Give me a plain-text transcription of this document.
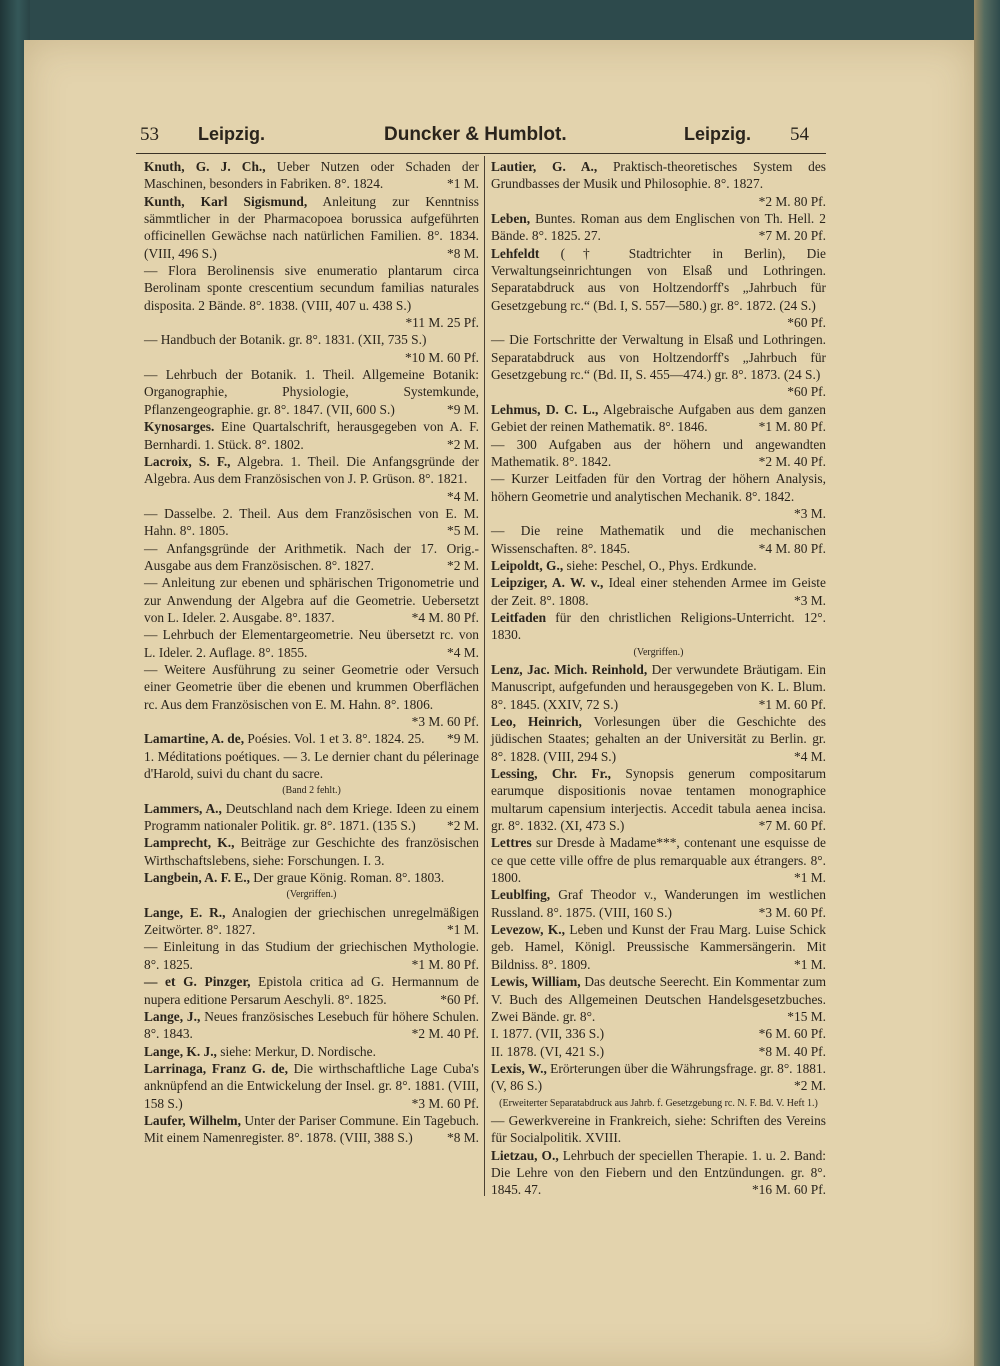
53 Leipzig.	Duncker & Humblot.	Leipzig. 54

Knuth, G. J. Ch., Ueber Nutzen oder Schaden der Maschinen, besonders in Fabriken. 8°. 1824.	*1 M.

Kunth, Karl Sigismund, Anleitung zur Kenntniss sämmtlicher in der Pharmacopoea borussica aufgeführten officinellen Gewächse nach natürlichen Familien. 8°. 1834. (VIII, 496 S.)	*8 M.

— Flora Berolinensis sive enumeratio plantarum circa Berolinam sponte crescentium secundum familias naturales disposita. 2 Bände. 8°. 1838. (VIII, 407 u. 438 S.)
*11 M. 25 Pf.

— Handbuch der Botanik. gr. 8°. 1831. (XII, 735 S.)
*10 M. 60 Pf.

— Lehrbuch der Botanik. 1. Theil. Allgemeine Botanik: Organographie, Physiologie, Systemkunde, Pflanzengeographie. gr. 8°. 1847. (VII, 600 S.)	*9 M.

Kynosarges. Eine Quartalschrift, herausgegeben von A. F. Bernhardi. 1. Stück. 8°. 1802.	*2 M.

Lacroix, S. F., Algebra. 1. Theil. Die Anfangsgründe der Algebra. Aus dem Französischen von J. P. Grüson. 8°. 1821.
*4 M.

— Dasselbe. 2. Theil. Aus dem Französischen von E. M. Hahn. 8°. 1805.	*5 M.

— Anfangsgründe der Arithmetik. Nach der 17. Orig.-Ausgabe aus dem Französischen. 8°. 1827.	*2 M.

— Anleitung zur ebenen und sphärischen Trigonometrie und zur Anwendung der Algebra auf die Geometrie. Uebersetzt von L. Ideler. 2. Ausgabe. 8°. 1837.	*4 M. 80 Pf.

— Lehrbuch der Elementargeometrie. Neu übersetzt rc. von L. Ideler. 2. Auflage. 8°. 1855.	*4 M.

— Weitere Ausführung zu seiner Geometrie oder Versuch einer Geometrie über die ebenen und krummen Oberflächen rc. Aus dem Französischen von E. M. Hahn. 8°. 1806.
*3 M. 60 Pf.

Lamartine, A. de, Poésies. Vol. 1 et 3. 8°. 1824. 25. *9 M.

1. Méditations poétiques. — 3. Le dernier chant du pélerinage d'Harold, suivi du chant du sacre.
(Band 2 fehlt.)

Lammers, A., Deutschland nach dem Kriege. Ideen zu einem Programm nationaler Politik. gr. 8°. 1871. (135 S.) *2 M.

Lamprecht, K., Beiträge zur Geschichte des französischen Wirthschaftslebens, siehe: Forschungen. I. 3.

Langbein, A. F. E., Der graue König. Roman. 8°. 1803.
(Vergriffen.)

Lange, E. R., Analogien der griechischen unregelmäßigen Zeitwörter. 8°. 1827.	*1 M.

— Einleitung in das Studium der griechischen Mythologie. 8°. 1825.	*1 M. 80 Pf.

— et G. Pinzger, Epistola critica ad G. Hermannum de nupera editione Persarum Aeschyli. 8°. 1825.	*60 Pf.

Lange, J., Neues französisches Lesebuch für höhere Schulen. 8°. 1843.	*2 M. 40 Pf.

Lange, K. J., siehe: Merkur, D. Nordische.

Larrinaga, Franz G. de, Die wirthschaftliche Lage Cuba's anknüpfend an die Entwickelung der Insel. gr. 8°. 1881. (VIII, 158 S.)	*3 M. 60 Pf.

Laufer, Wilhelm, Unter der Pariser Commune. Ein Tagebuch. Mit einem Namenregister. 8°. 1878. (VIII, 388 S.)	*8 M.

Lautier, G. A., Praktisch-theoretisches System des Grundbasses der Musik und Philosophie. 8°. 1827.
*2 M. 80 Pf.

Leben, Buntes. Roman aus dem Englischen von Th. Hell. 2 Bände. 8°. 1825. 27.	*7 M. 20 Pf.

Lehfeldt († Stadtrichter in Berlin), Die Verwaltungseinrichtungen von Elsaß und Lothringen. Separatabdruck aus von Holtzendorff's „Jahrbuch für Gesetzgebung rc.“ (Bd. I, S. 557—580.) gr. 8°. 1872. (24 S.)
*60 Pf.

— Die Fortschritte der Verwaltung in Elsaß und Lothringen. Separatabdruck aus von Holtzendorff's „Jahrbuch für Gesetzgebung rc.“ (Bd. II, S. 455—474.) gr. 8°. 1873. (24 S.)
*60 Pf.

Lehmus, D. C. L., Algebraische Aufgaben aus dem ganzen Gebiet der reinen Mathematik. 8°. 1846.	*1 M. 80 Pf.

— 300 Aufgaben aus der höhern und angewandten Mathematik. 8°. 1842.	*2 M. 40 Pf.

— Kurzer Leitfaden für den Vortrag der höhern Analysis, höhern Geometrie und analytischen Mechanik. 8°. 1842.
*3 M.

— Die reine Mathematik und die mechanischen Wissenschaften. 8°. 1845.	*4 M. 80 Pf.

Leipoldt, G., siehe: Peschel, O., Phys. Erdkunde.

Leipziger, A. W. v., Ideal einer stehenden Armee im Geiste der Zeit. 8°. 1808.	*3 M.

Leitfaden für den christlichen Religions-Unterricht. 12°. 1830.
(Vergriffen.)

Lenz, Jac. Mich. Reinhold, Der verwundete Bräutigam. Ein Manuscript, aufgefunden und herausgegeben von K. L. Blum. 8°. 1845. (XXIV, 72 S.)	*1 M. 60 Pf.

Leo, Heinrich, Vorlesungen über die Geschichte des jüdischen Staates; gehalten an der Universität zu Berlin. gr. 8°. 1828. (VIII, 294 S.)	*4 M.

Lessing, Chr. Fr., Synopsis generum compositarum earumque dispositionis novae tentamen monographice multarum capensium interjectis. Accedit tabula aenea incisa. gr. 8°. 1832. (XI, 473 S.)	*7 M. 60 Pf.

Lettres sur Dresde à Madame***, contenant une esquisse de ce que cette ville offre de plus remarquable aux étrangers. 8°. 1800.	*1 M.

Leublfing, Graf Theodor v., Wanderungen im westlichen Russland. 8°. 1875. (VIII, 160 S.)	*3 M. 60 Pf.

Levezow, K., Leben und Kunst der Frau Marg. Luise Schick geb. Hamel, Königl. Preussische Kammersängerin. Mit Bildniss. 8°. 1809.	*1 M.

Lewis, William, Das deutsche Seerecht. Ein Kommentar zum V. Buch des Allgemeinen Deutschen Handelsgesetzbuches. Zwei Bände. gr. 8°.	*15 M.

I. 1877. (VII, 336 S.)	*6 M. 60 Pf.

II. 1878. (VI, 421 S.)	*8 M. 40 Pf.

Lexis, W., Erörterungen über die Währungsfrage. gr. 8°. 1881. (V, 86 S.)	*2 M.
(Erweiterter Separatabdruck aus Jahrb. f. Gesetzgebung rc. N. F. Bd. V. Heft 1.)

— Gewerkvereine in Frankreich, siehe: Schriften des Vereins für Socialpolitik. XVIII.

Lietzau, O., Lehrbuch der speciellen Therapie. 1. u. 2. Band: Die Lehre von den Fiebern und den Entzündungen. gr. 8°. 1845. 47.	*16 M. 60 Pf.
